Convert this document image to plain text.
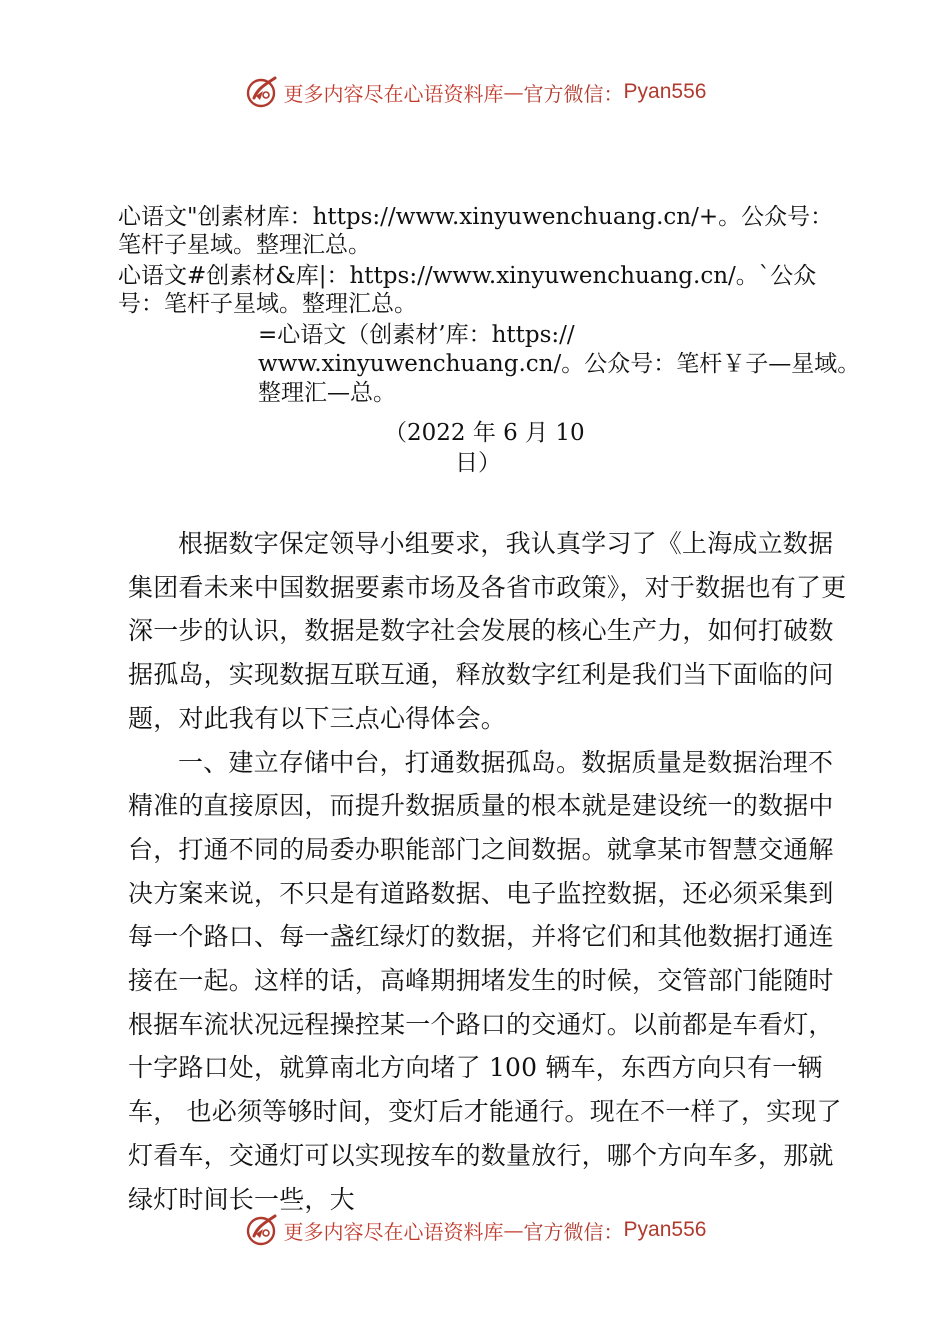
更多内容尽在心语资料库 — 官方微信： Pyan556
心语文"创素材库：https://www.xinyuwenchuang.cn/+。公众号：
笔杆子星域。整理汇总。
心语文#创素材&库|：https://www.xinyuwenchuang.cn/。`公众
号：笔杆子星域。整理汇总。
=心语文（创素材’库：https://
www.xinyuwenchuang.cn/。公众号：笔杆￥子—星域。
整理汇—总。
（2022 年 6 月 10
日）

根据数字保定领导小组要求，我认真学习了《上海成立数据集团看未来中国数据要素市场及各省市政策》，对于数据也有了更深一步的认识，数据是数字社会发展的核心生产力，如何打破数据孤岛，实现数据互联互通，释放数字红利是我们当下面临的问题，对此我有以下三点心得体会。

一、建立存储中台，打通数据孤岛。数据质量是数据治理不精准的直接原因，而提升数据质量的根本就是建设统一的数据中台，打通不同的局委办职能部门之间数据。就拿某市智慧交通解决方案来说，不只是有道路数据、电子监控数据，还必须采集到每一个路口、每一盏红绿灯的数据，并将它们和其他数据打通连接在一起。这样的话，高峰期拥堵发生的时候，交管部门能随时根据车流状况远程操控某一个路口的交通灯。以前都是车看灯， 十字路口处，就算南北方向堵了 100 辆车，东西方向只有一辆车， 也必须等够时间，变灯后才能通行。现在不一样了，实现了灯看车，交通灯可以实现按车的数量放行，哪个方向车多，那就绿灯时间长一些，大

更多内容尽在心语资料库 — 官方微信： Pyan556
